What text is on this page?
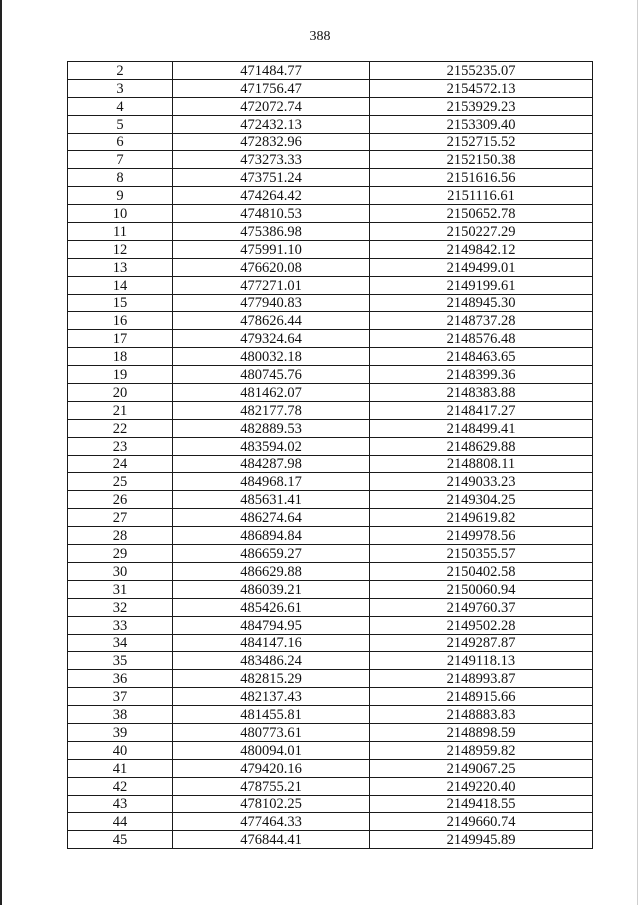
388
2	471484.77	2155235.07
3	471756.47	2154572.13
4	472072.74	2153929.23
5	472432.13	2153309.40
6	472832.96	2152715.52
7	473273.33	2152150.38
8	473751.24	2151616.56
9	474264.42	2151116.61
10	474810.53	2150652.78
11	475386.98	2150227.29
12	475991.10	2149842.12
13	476620.08	2149499.01
14	477271.01	2149199.61
15	477940.83	2148945.30
16	478626.44	2148737.28
17	479324.64	2148576.48
18	480032.18	2148463.65
19	480745.76	2148399.36
20	481462.07	2148383.88
21	482177.78	2148417.27
22	482889.53	2148499.41
23	483594.02	2148629.88
24	484287.98	2148808.11
25	484968.17	2149033.23
26	485631.41	2149304.25
27	486274.64	2149619.82
28	486894.84	2149978.56
29	486659.27	2150355.57
30	486629.88	2150402.58
31	486039.21	2150060.94
32	485426.61	2149760.37
33	484794.95	2149502.28
34	484147.16	2149287.87
35	483486.24	2149118.13
36	482815.29	2148993.87
37	482137.43	2148915.66
38	481455.81	2148883.83
39	480773.61	2148898.59
40	480094.01	2148959.82
41	479420.16	2149067.25
42	478755.21	2149220.40
43	478102.25	2149418.55
44	477464.33	2149660.74
45	476844.41	2149945.89
